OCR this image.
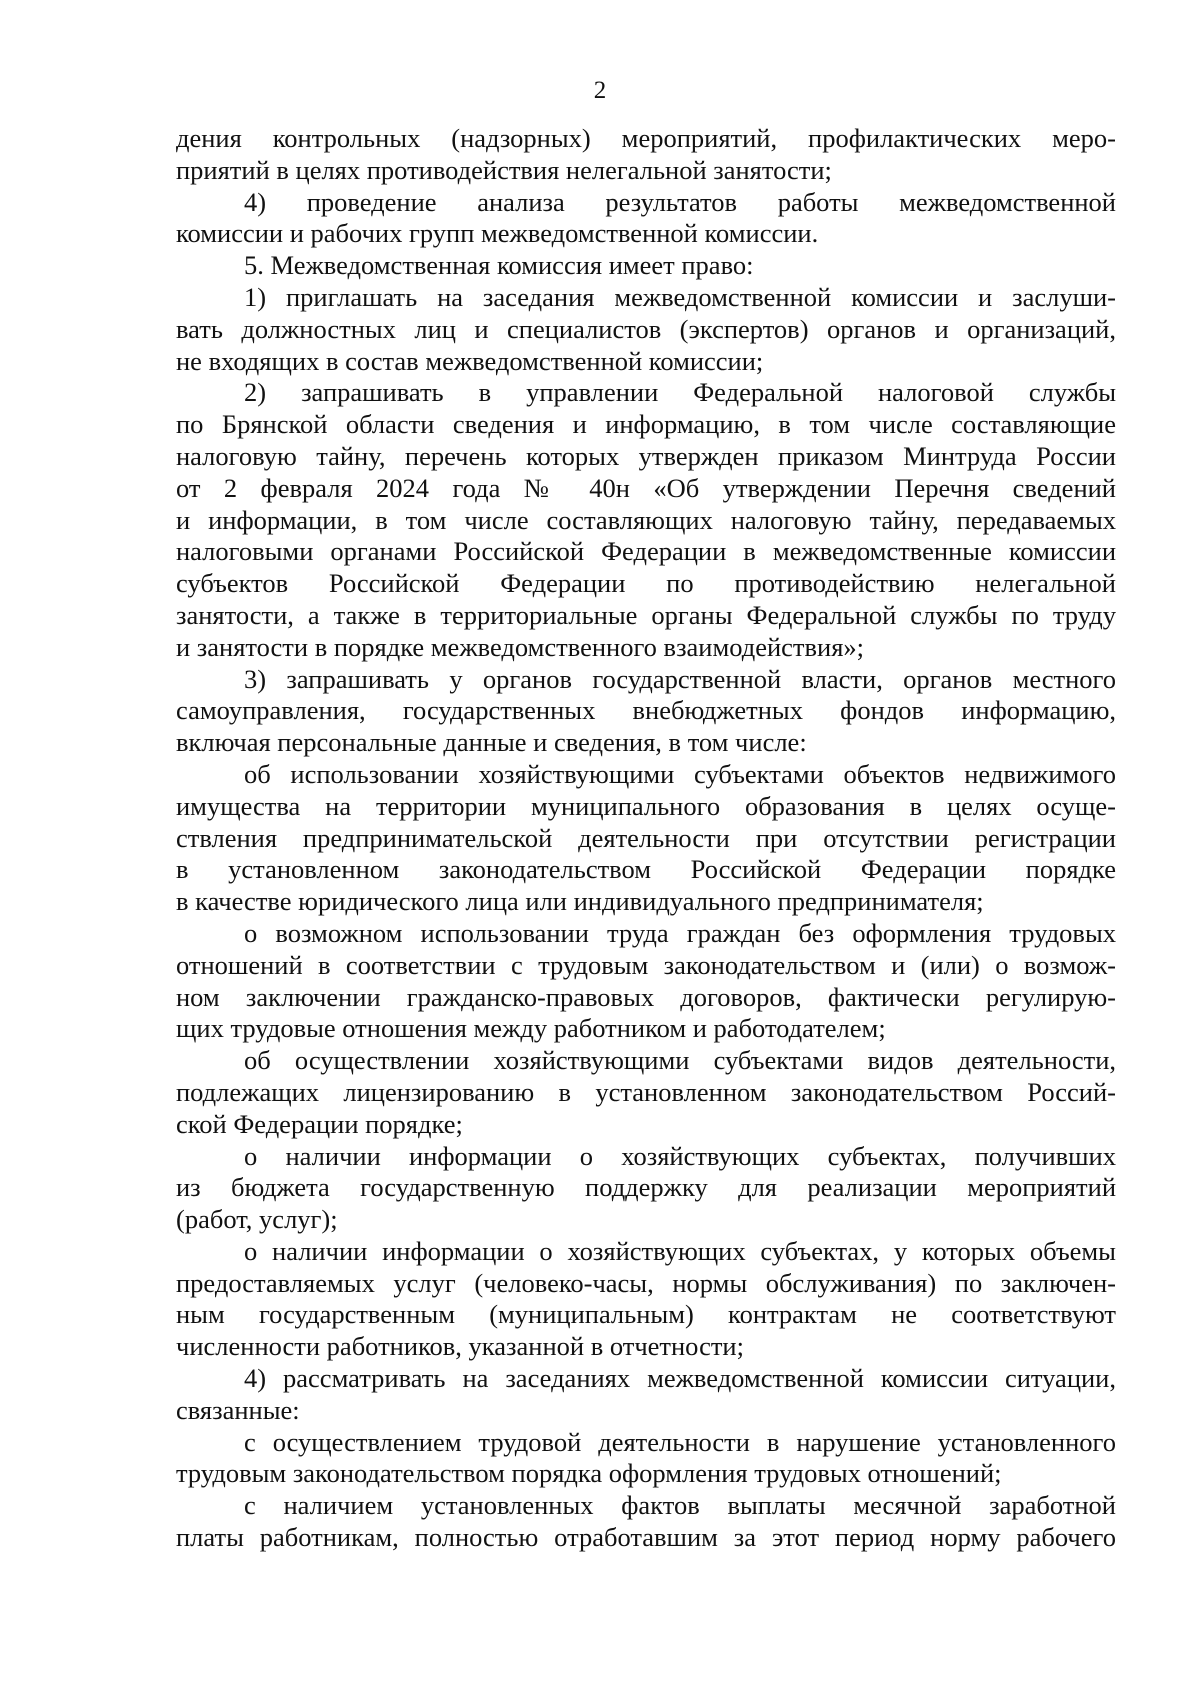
2
дения контрольных (надзорных) мероприятий, профилактических меро-
приятий в целях противодействия нелегальной занятости;
4) проведение анализа результатов работы межведомственной
комиссии и рабочих групп межведомственной комиссии.
5. Межведомственная комиссия имеет право:
1) приглашать на заседания межведомственной комиссии и заслуши-
вать должностных лиц и специалистов (экспертов) органов и организаций,
не входящих в состав межведомственной комиссии;
2) запрашивать в управлении Федеральной налоговой службы
по Брянской области сведения и информацию, в том числе составляющие
налоговую тайну, перечень которых утвержден приказом Минтруда России
от 2 февраля 2024 года № 40н «Об утверждении Перечня сведений
и информации, в том числе составляющих налоговую тайну, передаваемых
налоговыми органами Российской Федерации в межведомственные комиссии
субъектов Российской Федерации по противодействию нелегальной
занятости, а также в территориальные органы Федеральной службы по труду
и занятости в порядке межведомственного взаимодействия»;
3) запрашивать у органов государственной власти, органов местного
самоуправления, государственных внебюджетных фондов информацию,
включая персональные данные и сведения, в том числе:
об использовании хозяйствующими субъектами объектов недвижимого
имущества на территории муниципального образования в целях осуще-
ствления предпринимательской деятельности при отсутствии регистрации
в установленном законодательством Российской Федерации порядке
в качестве юридического лица или индивидуального предпринимателя;
о возможном использовании труда граждан без оформления трудовых
отношений в соответствии с трудовым законодательством и (или) о возмож-
ном заключении гражданско-правовых договоров, фактически регулирую-
щих трудовые отношения между работником и работодателем;
об осуществлении хозяйствующими субъектами видов деятельности,
подлежащих лицензированию в установленном законодательством Россий-
ской Федерации порядке;
о наличии информации о хозяйствующих субъектах, получивших
из бюджета государственную поддержку для реализации мероприятий
(работ, услуг);
о наличии информации о хозяйствующих субъектах, у которых объемы
предоставляемых услуг (человеко-часы, нормы обслуживания) по заключен-
ным государственным (муниципальным) контрактам не соответствуют
численности работников, указанной в отчетности;
4) рассматривать на заседаниях межведомственной комиссии ситуации,
связанные:
с осуществлением трудовой деятельности в нарушение установленного
трудовым законодательством порядка оформления трудовых отношений;
с наличием установленных фактов выплаты месячной заработной
платы работникам, полностью отработавшим за этот период норму рабочего
